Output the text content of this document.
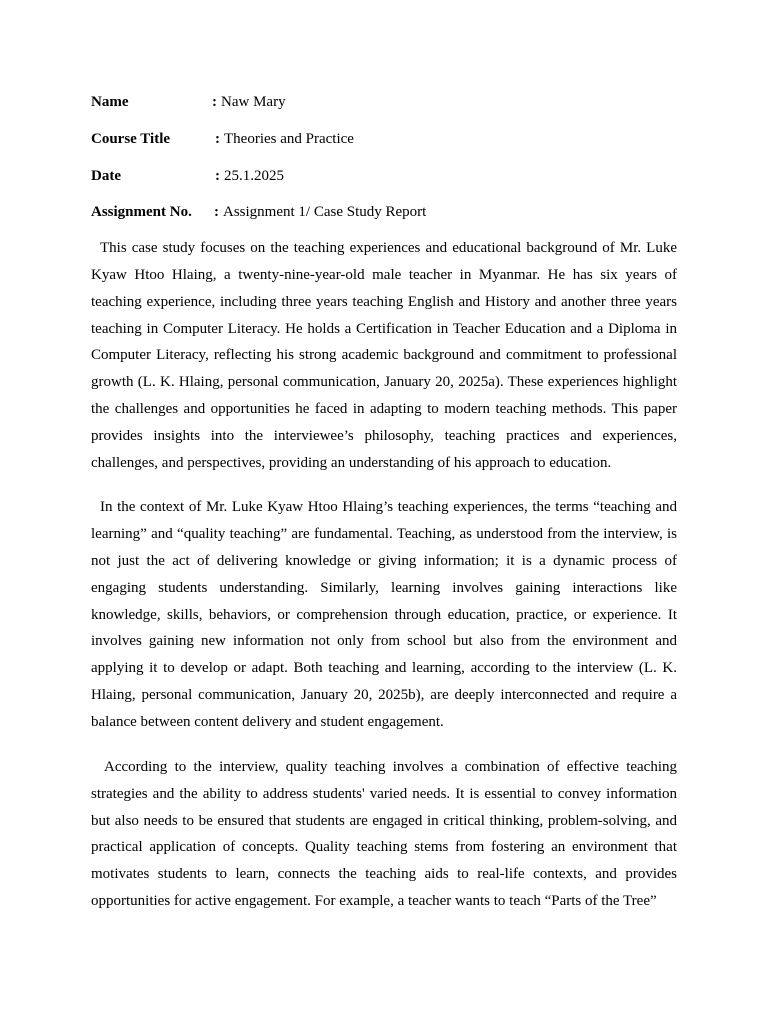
Name	: Naw Mary
Course Title	: Theories and Practice
Date	: 25.1.2025
Assignment No.	: Assignment 1/ Case Study Report

This case study focuses on the teaching experiences and educational background of Mr. Luke Kyaw Htoo Hlaing, a twenty-nine-year-old male teacher in Myanmar. He has six years of teaching experience, including three years teaching English and History and another three years teaching in Computer Literacy. He holds a Certification in Teacher Education and a Diploma in Computer Literacy, reflecting his strong academic background and commitment to professional growth (L. K. Hlaing, personal communication, January 20, 2025a). These experiences highlight the challenges and opportunities he faced in adapting to modern teaching methods. This paper provides insights into the interviewee’s philosophy, teaching practices and experiences, challenges, and perspectives, providing an understanding of his approach to education.

In the context of Mr. Luke Kyaw Htoo Hlaing’s teaching experiences, the terms “teaching and learning” and “quality teaching” are fundamental. Teaching, as understood from the interview, is not just the act of delivering knowledge or giving information; it is a dynamic process of engaging students understanding. Similarly, learning involves gaining interactions like knowledge, skills, behaviors, or comprehension through education, practice, or experience. It involves gaining new information not only from school but also from the environment and applying it to develop or adapt. Both teaching and learning, according to the interview (L. K. Hlaing, personal communication, January 20, 2025b), are deeply interconnected and require a balance between content delivery and student engagement.

According to the interview, quality teaching involves a combination of effective teaching strategies and the ability to address students' varied needs. It is essential to convey information but also needs to be ensured that students are engaged in critical thinking, problem-solving, and practical application of concepts. Quality teaching stems from fostering an environment that motivates students to learn, connects the teaching aids to real-life contexts, and provides opportunities for active engagement. For example, a teacher wants to teach “Parts of the Tree”
